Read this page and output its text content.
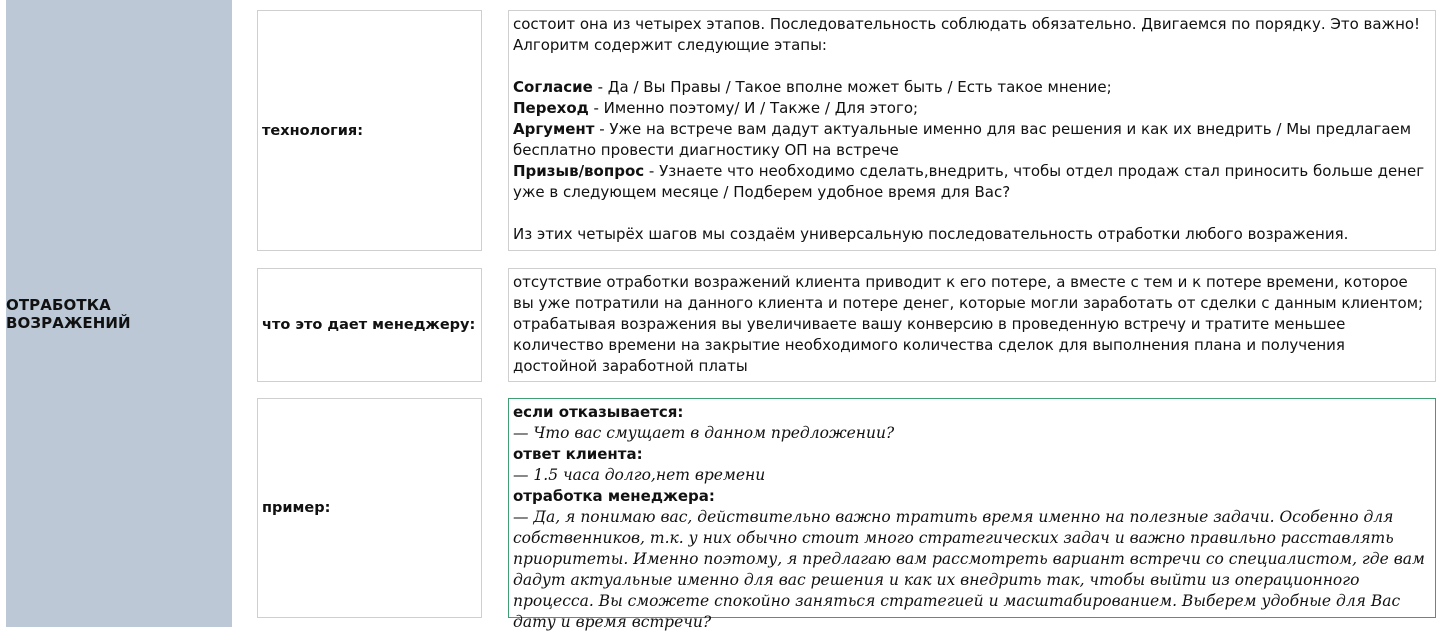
ОТРАБОТКА ВОЗРАЖЕНИЙ
технология:

состоит она из четырех этапов. Последовательность соблюдать обязательно. Двигаемся по порядку. Это важно!

Алгоритм содержит следующие этапы:

Согласие - Да / Вы Правы / Такое вполне может быть / Есть такое мнение;

Переход - Именно поэтому/ И / Также / Для этого;

Аргумент - Уже на встрече вам дадут актуальные именно для вас решения и как их внедрить / Мы предлагаем бесплатно провести диагностику ОП на встрече

Призыв/вопрос - Узнаете что необходимо сделать,внедрить, чтобы отдел продаж стал приносить больше денег уже в следующем месяце / Подберем удобное время для Вас?

Из этих четырёх шагов мы создаём универсальную последовательность отработки любого возражения.

что это дает менеджеру:

отсутствие отработки возражений клиента приводит к его потере, а вместе с тем и к потере времени, которое вы уже потратили на данного клиента и потере денег, которые могли заработать от сделки с данным клиентом; отрабатывая возражения вы увеличиваете вашу конверсию в проведенную встречу и тратите меньшее количество времени на закрытие необходимого количества сделок для выполнения плана и получения достойной заработной платы

пример:

если отказывается:

— Что вас смущает в данном предложении?

ответ клиента:

— 1.5 часа долго,нет времени

отработка менеджера:

— Да, я понимаю вас, действительно важно тратить время именно на полезные задачи. Особенно для собственников, т.к. у них обычно стоит много стратегических задач и важно правильно расставлять приоритеты. Именно поэтому, я предлагаю вам рассмотреть вариант встречи со специалистом, где вам дадут актуальные именно для вас решения и как их внедрить так, чтобы выйти из операционного процесса. Вы сможете спокойно заняться стратегией и масштабированием. Выберем удобные для Вас дату и время встречи?
